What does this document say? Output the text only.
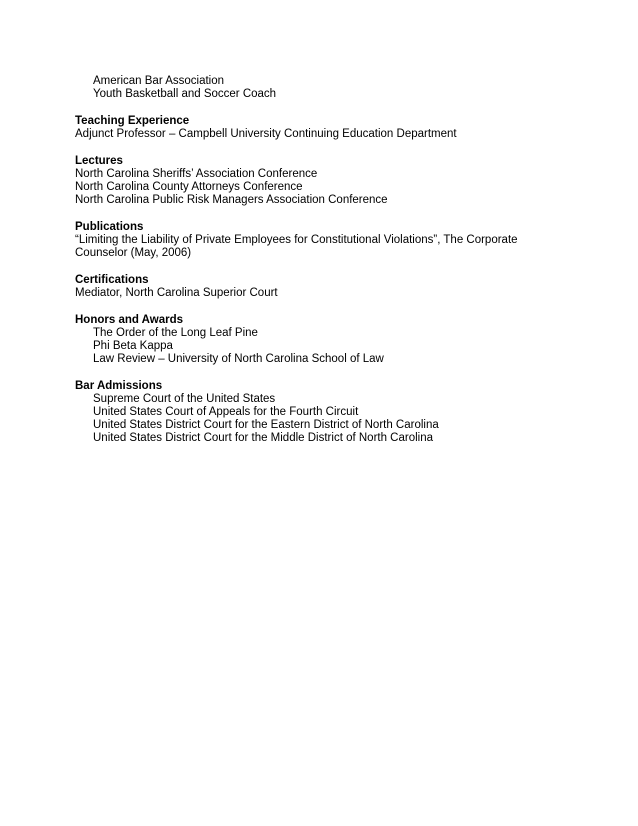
American Bar Association
Youth Basketball and Soccer Coach
Teaching Experience
Adjunct Professor – Campbell University Continuing Education Department
Lectures
North Carolina Sheriffs’ Association Conference
North Carolina County Attorneys Conference
North Carolina Public Risk Managers Association Conference
Publications
“Limiting the Liability of Private Employees for Constitutional Violations”, The Corporate Counselor (May, 2006)
Certifications
Mediator, North Carolina Superior Court
Honors and Awards
The Order of the Long Leaf Pine
Phi Beta Kappa
Law Review – University of North Carolina School of Law
Bar Admissions
Supreme Court of the United States
United States Court of Appeals for the Fourth Circuit
United States District Court for the Eastern District of North Carolina
United States District Court for the Middle District of North Carolina
